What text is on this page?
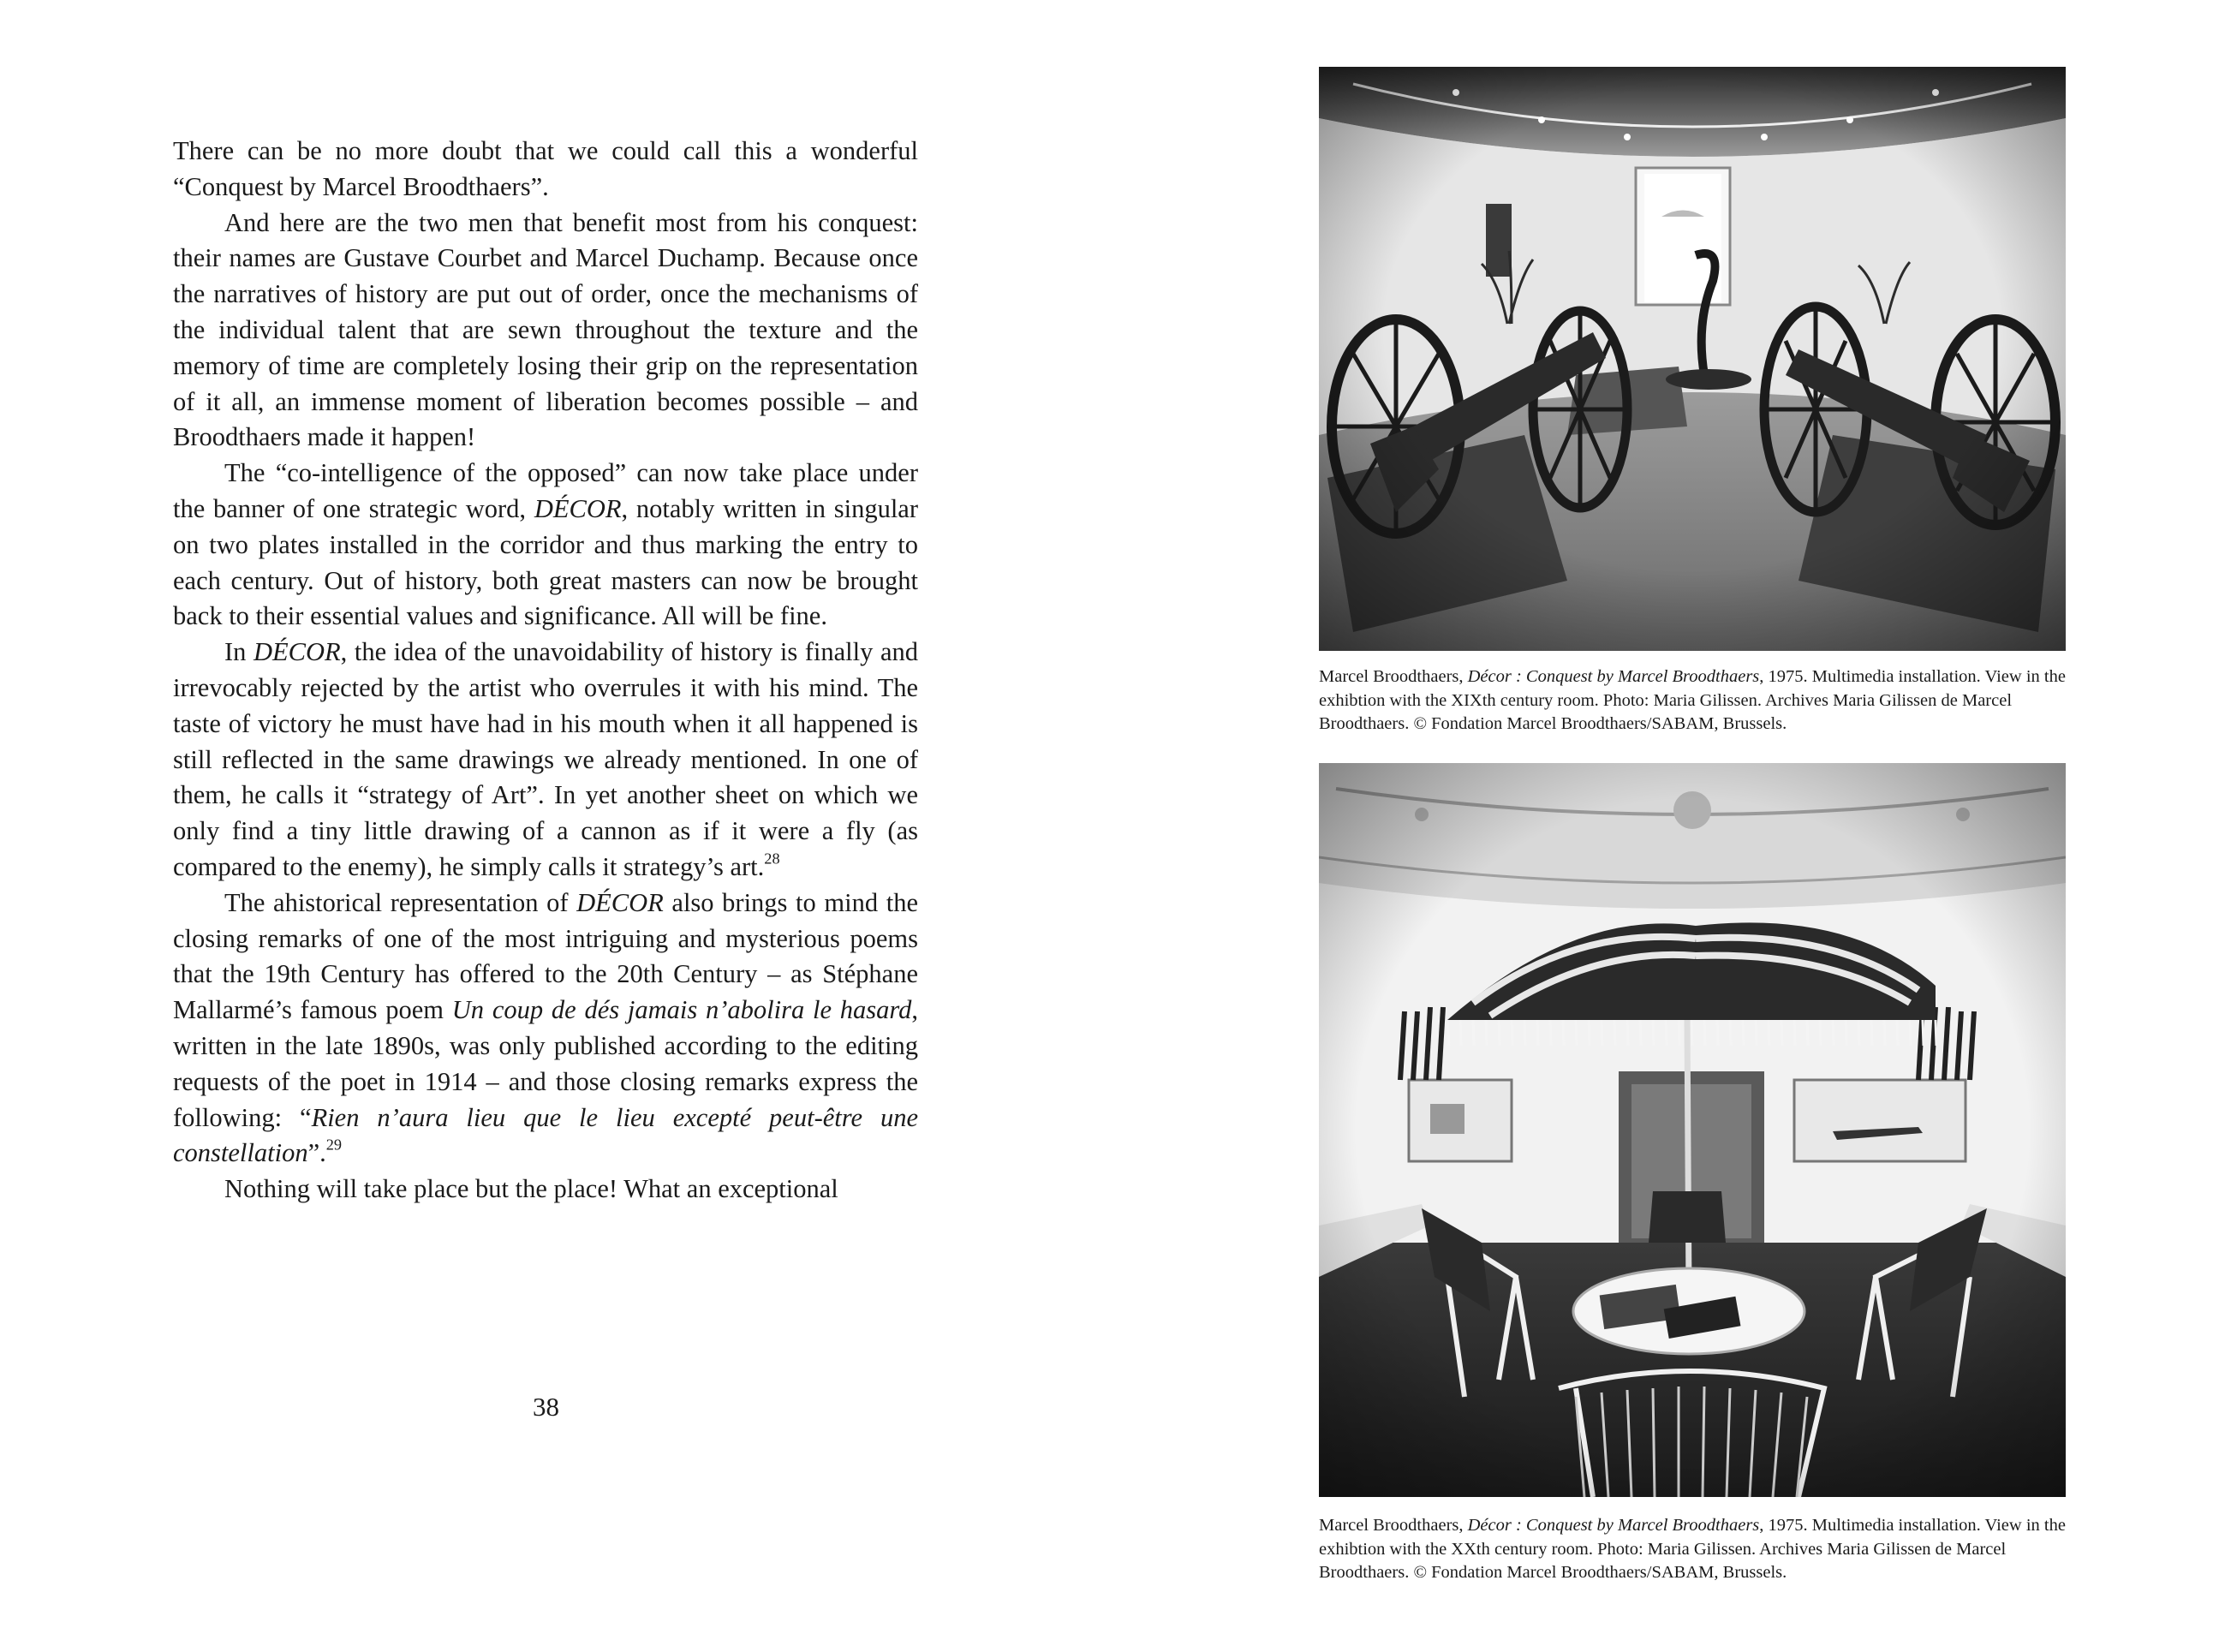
There can be no more doubt that we could call this a wonderful “Conquest by Marcel Broodthaers”.

And here are the two men that benefit most from his conquest: their names are Gustave Courbet and Marcel Duchamp. Because once the narratives of history are put out of order, once the mechanisms of the individual talent that are sewn throughout the texture and the memory of time are completely losing their grip on the representation of it all, an immense moment of liberation becomes possible – and Broodthaers made it happen!

The “co-intelligence of the opposed” can now take place under the banner of one strategic word, DÉCOR, notably written in singular on two plates installed in the corridor and thus marking the entry to each century. Out of history, both great masters can now be brought back to their essential values and significance. All will be fine.

In DÉCOR, the idea of the unavoidability of history is finally and irrevocably rejected by the artist who overrules it with his mind. The taste of victory he must have had in his mouth when it all happened is still reflected in the same drawings we already mentioned. In one of them, he calls it “strategy of Art”. In yet another sheet on which we only find a tiny little drawing of a cannon as if it were a fly (as compared to the enemy), he simply calls it strategy’s art.$^{28}$

The ahistorical representation of DÉCOR also brings to mind the closing remarks of one of the most intriguing and mysterious poems that the 19th Century has offered to the 20th Century – as Stéphane Mallarmé’s famous poem Un coup de dés jamais n’abolira le hasard, written in the late 1890s, was only published according to the editing requests of the poet in 1914 – and those closing remarks express the following: “Rien n’aura lieu que le lieu excepté peut-être une constellation”.$^{29}$

Nothing will take place but the place! What an exceptional

38
Marcel Broodthaers, Décor : Conquest by Marcel Broodthaers, 1975. Multimedia installation. View in the exhibtion with the XIXth century room. Photo: Maria Gilissen. Archives Maria Gilissen de Marcel Broodthaers. © Fondation Marcel Broodthaers/SABAM, Brussels.
Marcel Broodthaers, Décor : Conquest by Marcel Broodthaers, 1975. Multimedia installation. View in the exhibtion with the XXth century room. Photo: Maria Gilissen. Archives Maria Gilissen de Marcel Broodthaers. © Fondation Marcel Broodthaers/SABAM, Brussels.
